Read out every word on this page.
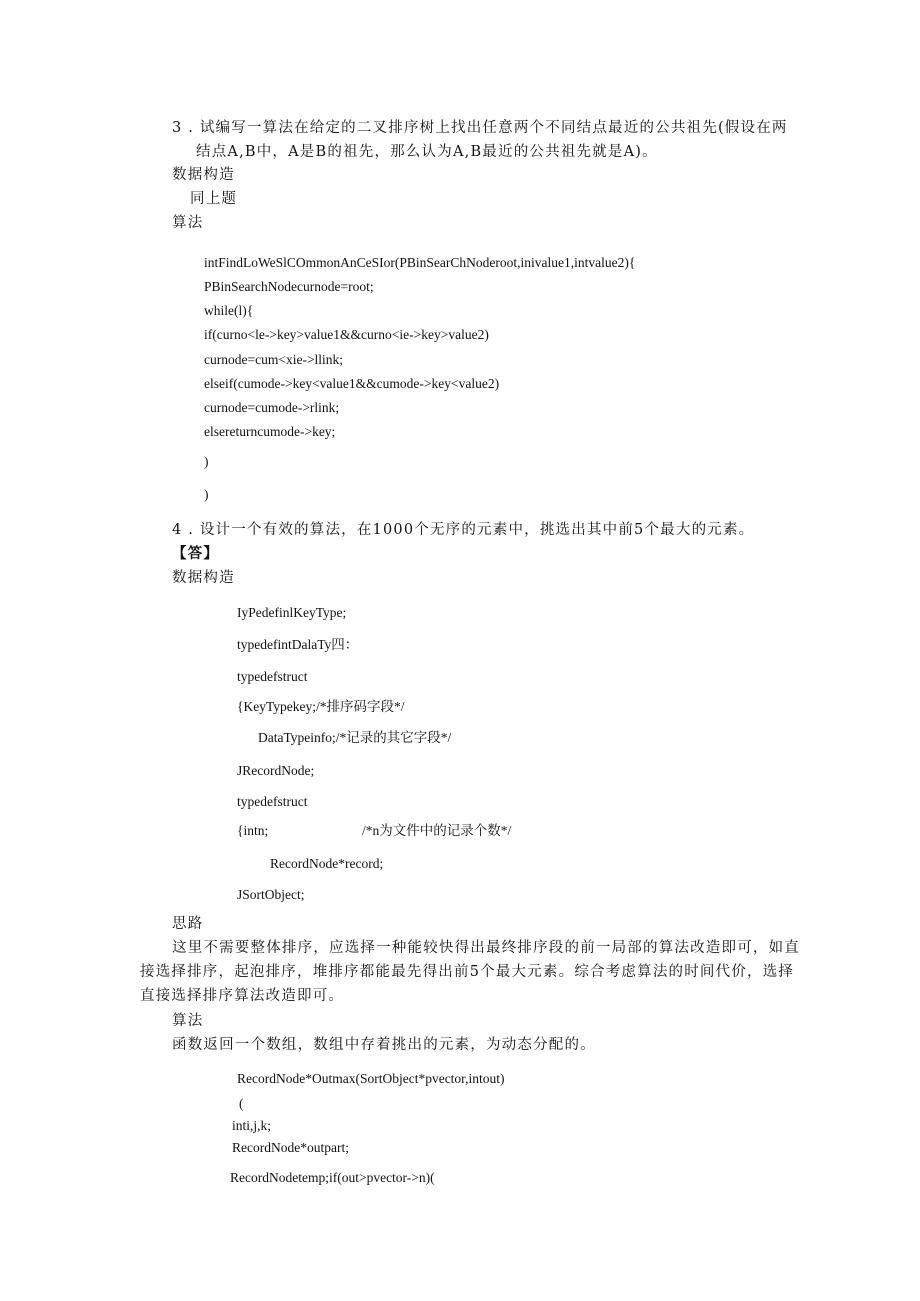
3 . 试编写一算法在给定的二叉排序树上找出任意两个不同结点最近的公共祖先(假设在两
结点A,B中，A是B的祖先，那么认为A,B最近的公共祖先就是A)。
数据构造
同上题
算法
intFindLoWeSlCOmmonAnCeSIor(PBinSearChNoderoot,inivalue1,intvalue2){
PBinSearchNodecurnode=root;
while(l){
if(curno<le->key>value1&&curno<ie->key>value2)
curnode=cum<xie->llink;
elseif(cumode->key<value1&&cumode->key<value2)
curnode=cumode->rlink;
elsereturncumode->key;
)
)
4 . 设计一个有效的算法，在1000个无序的元素中，挑选出其中前5个最大的元素。
【答】
数据构造
IyPedefinlKeyType;
typedefintDalaTy四：
typedefstruct
{KeyTypekey;/*排序码字段*/
DataTypeinfo;/*记录的其它字段*/
JRecordNode;
typedefstruct
{intn;	/*n为文件中的记录个数*/
RecordNode*record;
JSortObject;
思路
这里不需要整体排序，应选择一种能较快得出最终排序段的前一局部的算法改造即可，如直
接选择排序，起泡排序，堆排序都能最先得出前5个最大元素。综合考虑算法的时间代价，选择
直接选择排序算法改造即可。
算法
函数返回一个数组，数组中存着挑出的元素，为动态分配的。
RecordNode*Outmax(SortObject*pvector,intout)
(
inti,j,k;
RecordNode*outpart;
RecordNodetemp;if(out>pvector->n)(
